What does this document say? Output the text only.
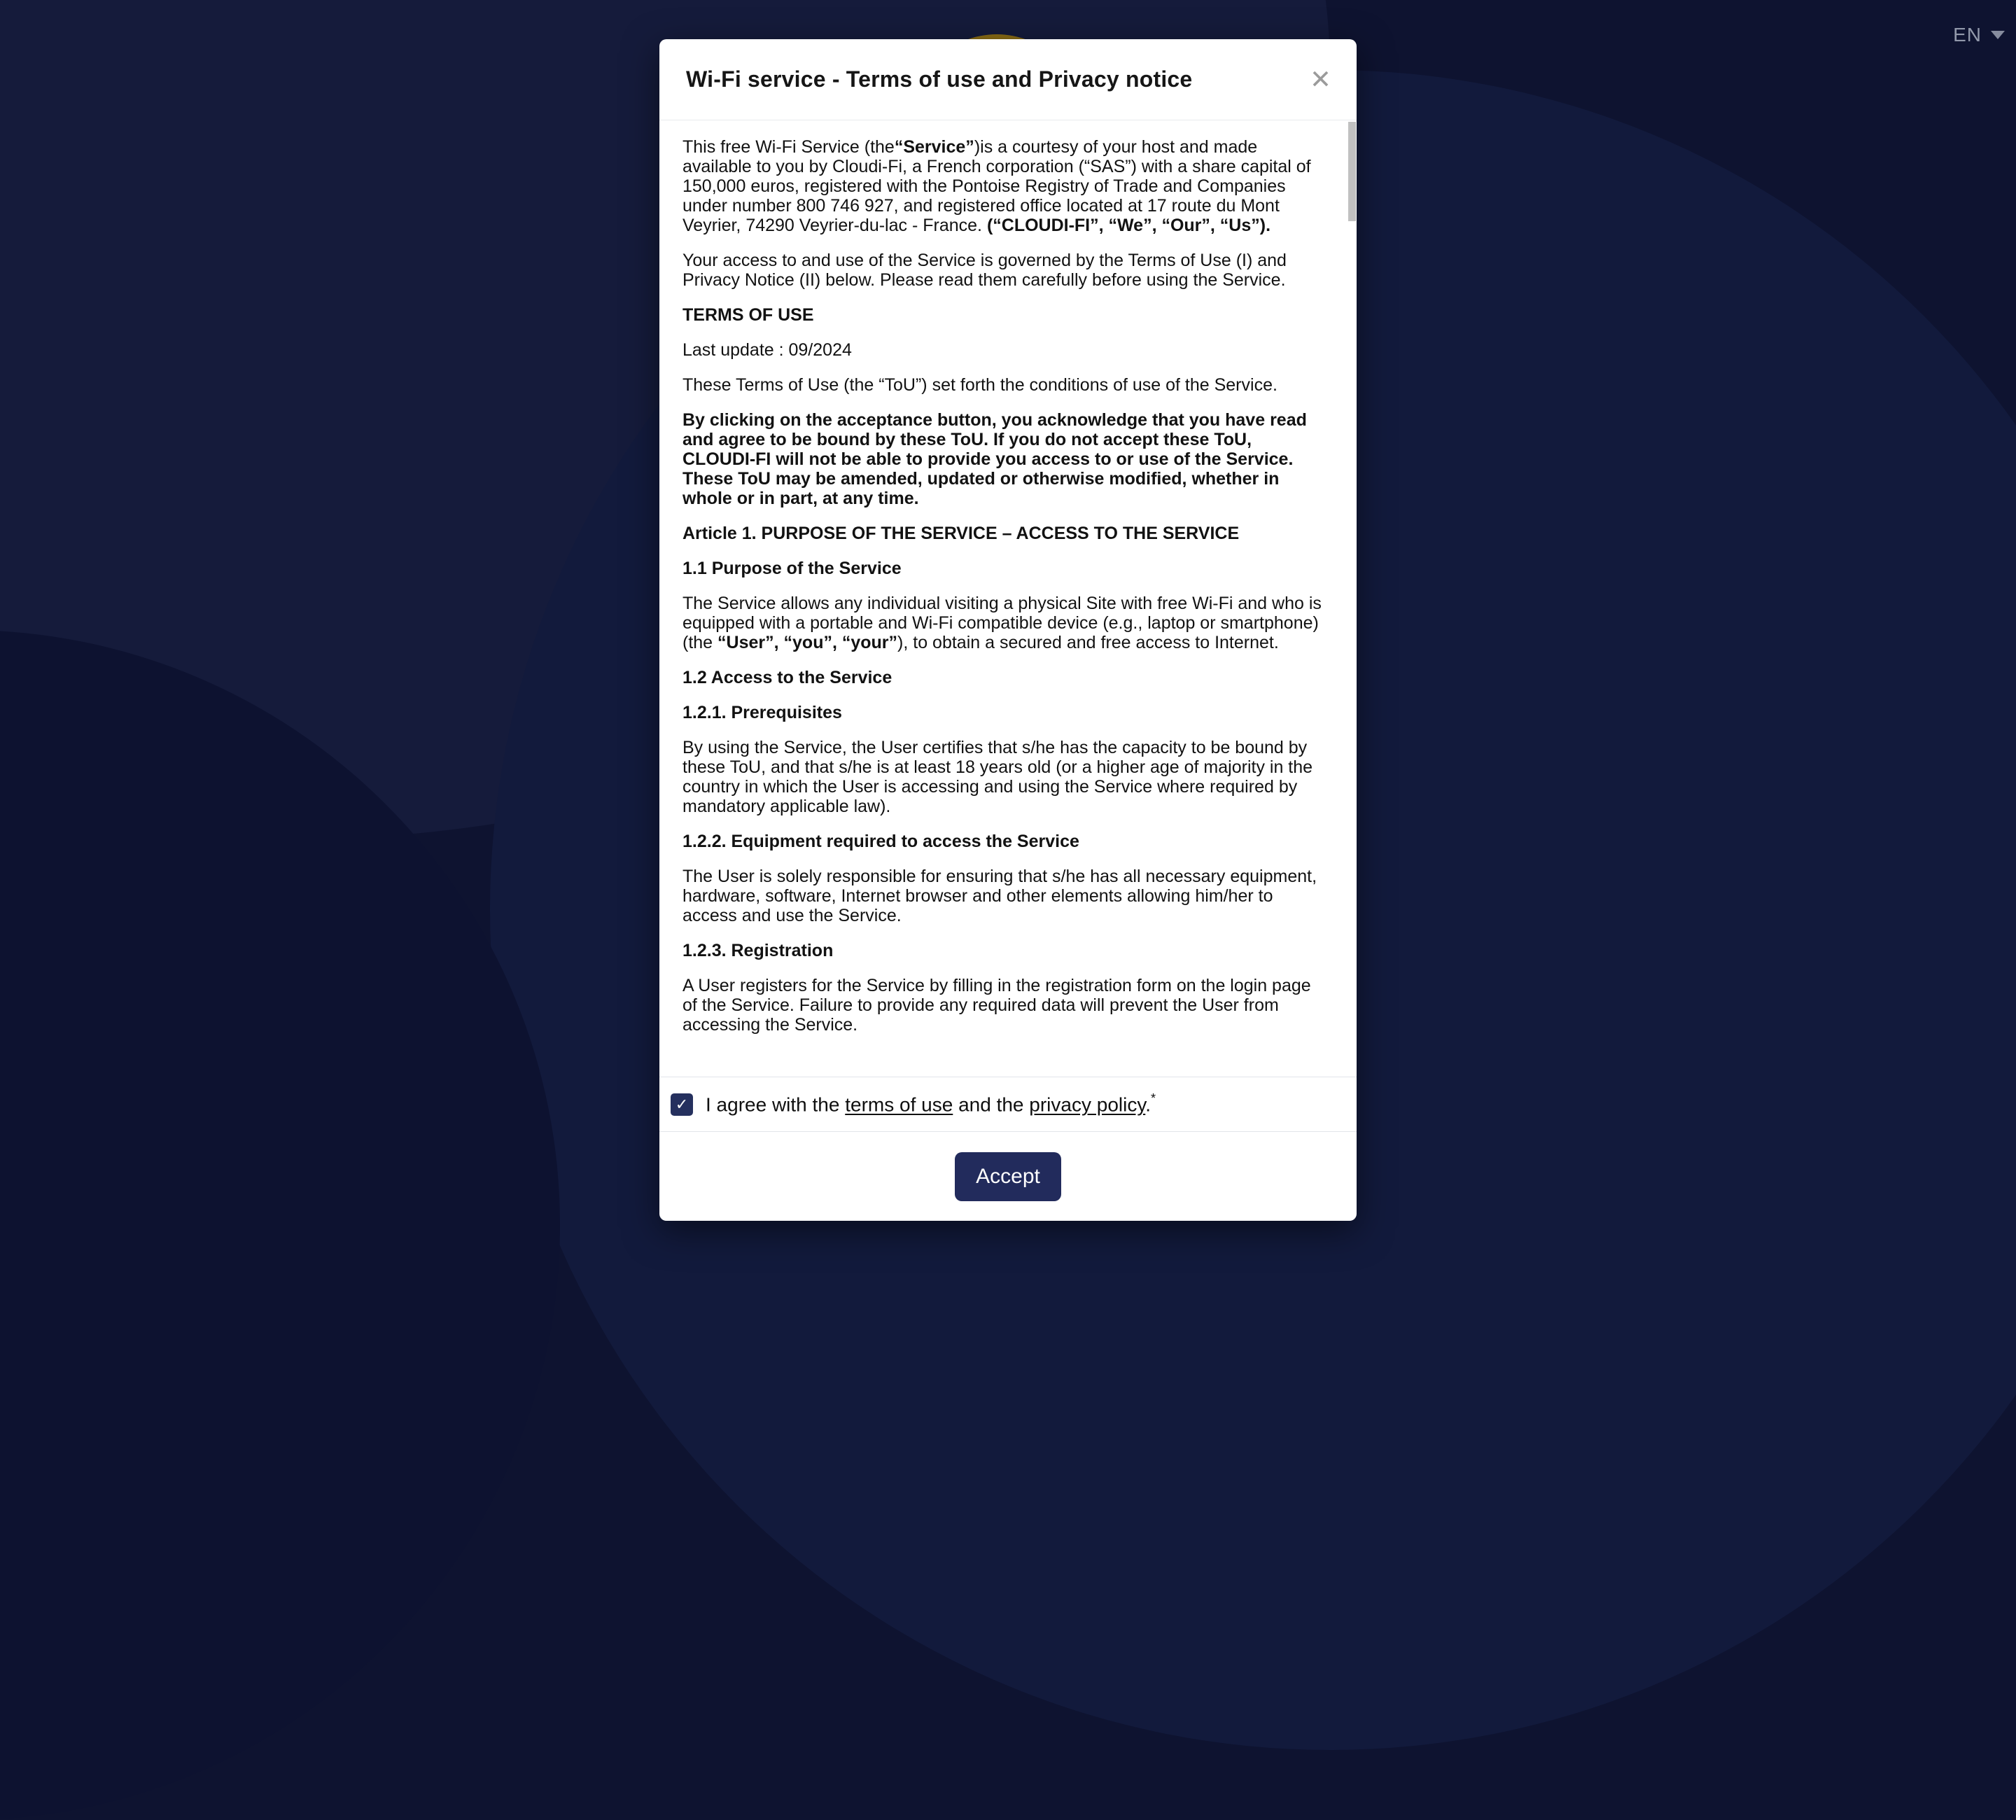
EN
Wi-Fi service - Terms of use and Privacy notice	✕

This free Wi-Fi Service (the“Service”)is a courtesy of your host and made available to you by Cloudi-Fi, a French corporation (“SAS”) with a share capital of 150,000 euros, registered with the Pontoise Registry of Trade and Companies under number 800 746 927, and registered office located at 17 route du Mont Veyrier, 74290 Veyrier-du-lac - France. (“CLOUDI-FI”, “We”, “Our”, “Us”).

Your access to and use of the Service is governed by the Terms of Use (I) and Privacy Notice (II) below. Please read them carefully before using the Service.

TERMS OF USE

Last update : 09/2024

These Terms of Use (the “ToU”) set forth the conditions of use of the Service.

By clicking on the acceptance button, you acknowledge that you have read and agree to be bound by these ToU. If you do not accept these ToU, CLOUDI-FI will not be able to provide you access to or use of the Service. These ToU may be amended, updated or otherwise modified, whether in whole or in part, at any time.

Article 1. PURPOSE OF THE SERVICE – ACCESS TO THE SERVICE

1.1 Purpose of the Service

The Service allows any individual visiting a physical Site with free Wi-Fi and who is equipped with a portable and Wi-Fi compatible device (e.g., laptop or smartphone) (the “User”, “you”, “your”), to obtain a secured and free access to Internet.

1.2 Access to the Service

1.2.1. Prerequisites

By using the Service, the User certifies that s/he has the capacity to be bound by these ToU, and that s/he is at least 18 years old (or a higher age of majority in the country in which the User is accessing and using the Service where required by mandatory applicable law).

1.2.2. Equipment required to access the Service

The User is solely responsible for ensuring that s/he has all necessary equipment, hardware, software, Internet browser and other elements allowing him/her to access and use the Service.

1.2.3. Registration

A User registers for the Service by filling in the registration form on the login page of the Service. Failure to provide any required data will prevent the User from accessing the Service.

✓ I agree with the terms of use and the privacy policy.*
Accept
